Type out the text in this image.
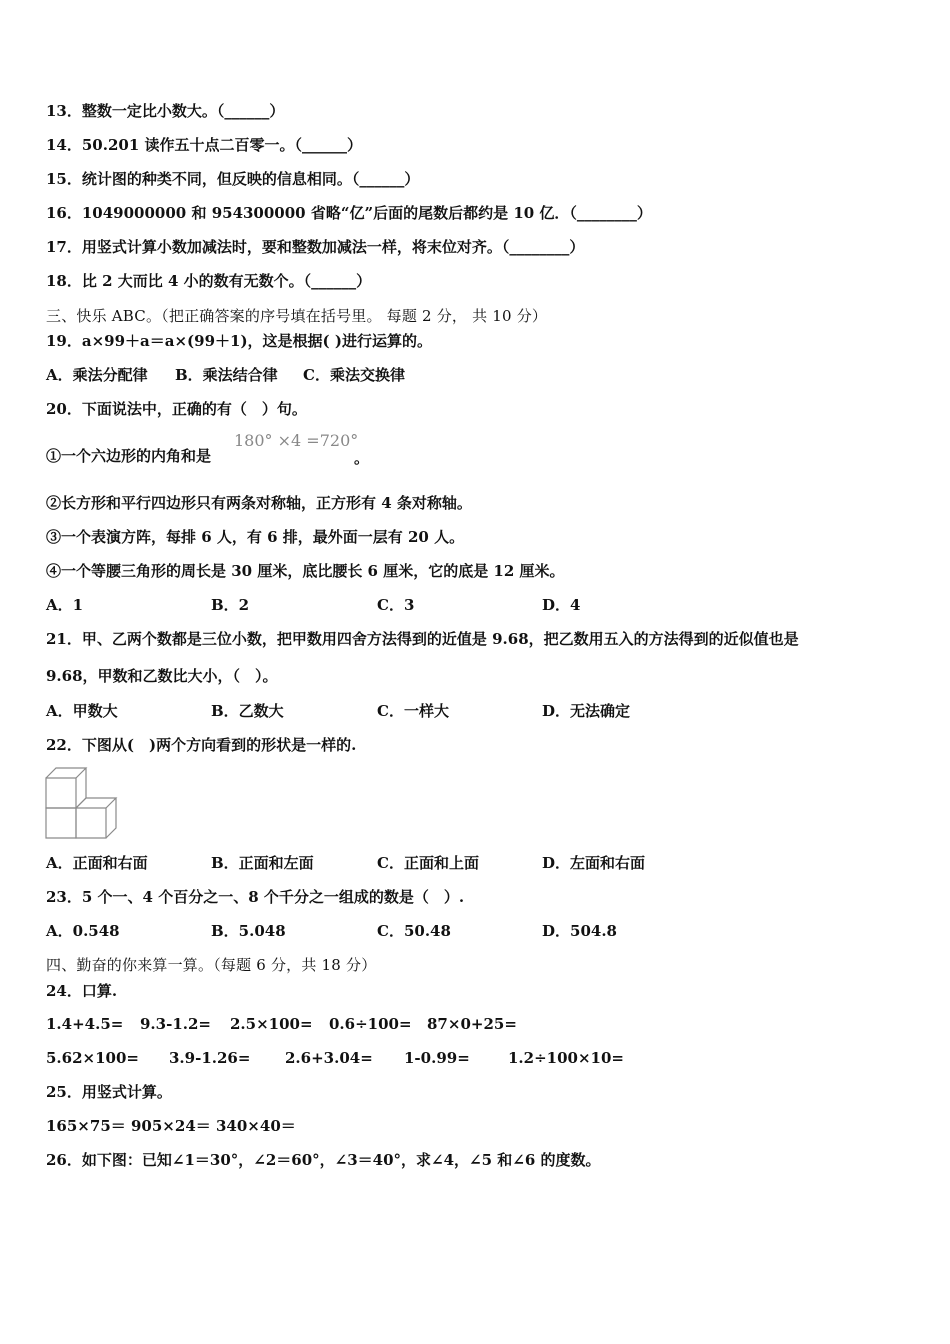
13．整数一定比小数大。（______）
14．50.201 读作五十点二百零一。（______）
15．统计图的种类不同，但反映的信息相同。（______）
16．1049000000 和 954300000 省略“亿”后面的尾数后都约是 10 亿．（________）
17．用竖式计算小数加减法时，要和整数加减法一样，将末位对齐。（________）
18．比 2 大而比 4 小的数有无数个。（______）
三、快乐 ABC。（把正确答案的序号填在括号里。 每题 2 分， 共 10 分）
19．a×99＋a＝a×(99＋1)，这是根据( )进行运算的。
A．乘法分配律 B．乘法结合律 C．乘法交换律
20．下面说法中，正确的有（　）句。
①一个六边形的内角和是
180° ×4 =720°
。
②长方形和平行四边形只有两条对称轴，正方形有 4 条对称轴。
③一个表演方阵，每排 6 人，有 6 排，最外面一层有 20 人。
④一个等腰三角形的周长是 30 厘米，底比腰长 6 厘米，它的底是 12 厘米。
A．1	B．2	C．3	D．4
21．甲、乙两个数都是三位小数，把甲数用四舍方法得到的近值是 9.68，把乙数用五入的方法得到的近似值也是
9.68，甲数和乙数比大小，（　）。
A．甲数大	B．乙数大	C．一样大	D．无法确定
22．下图从(　)两个方向看到的形状是一样的.
A．正面和右面	B．正面和左面	C．正面和上面	D．左面和右面
23．5 个一、4 个百分之一、8 个千分之一组成的数是（　）.
A．0.548	B．5.048	C．50.48	D．504.8
四、勤奋的你来算一算。（每题 6 分，共 18 分）
24．口算.
1.4+4.5= 9.3-1.2= 2.5×100= 0.6÷100= 87×0+25=
5.62×100= 3.9-1.26= 2.6+3.04= 1-0.99=	1.2÷100×10=
25．用竖式计算。
165×75＝ 905×24＝ 340×40＝
26．如下图：已知∠1＝30°，∠2＝60°，∠3＝40°，求∠4，∠5 和∠6 的度数。
